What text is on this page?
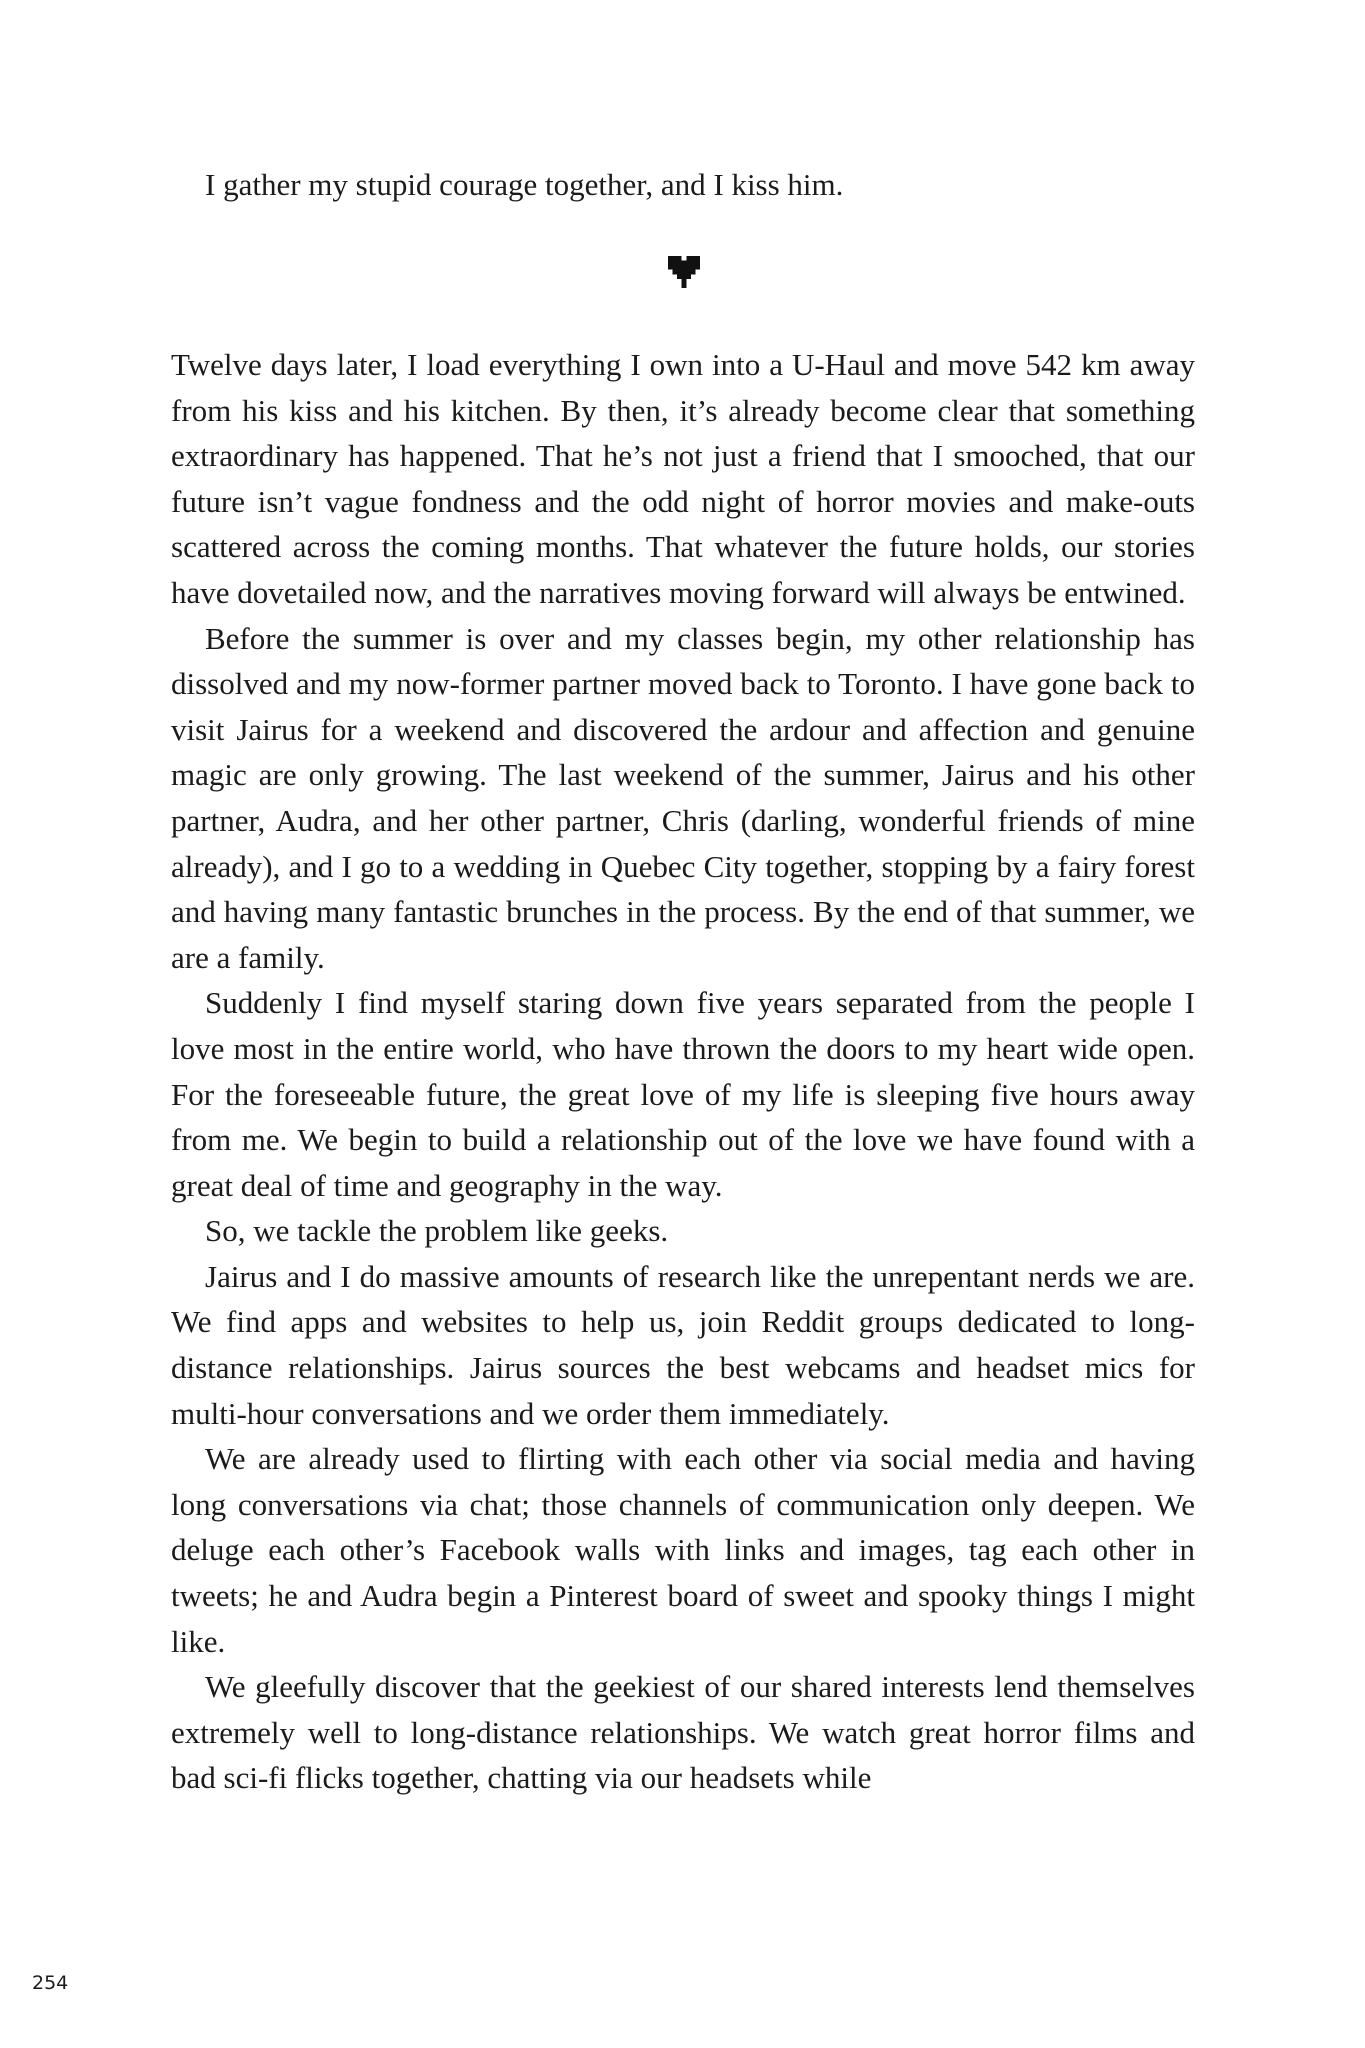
I gather my stupid courage together, and I kiss him.

Twelve days later, I load everything I own into a U-Haul and move 542 km away from his kiss and his kitchen. By then, it’s already become clear that something extraordinary has happened. That he’s not just a friend that I smooched, that our future isn’t vague fondness and the odd night of horror movies and make-outs scattered across the coming months. That whatever the future holds, our stories have dovetailed now, and the narratives moving forward will always be entwined.

Before the summer is over and my classes begin, my other relationship has dissolved and my now-former partner moved back to Toronto. I have gone back to visit Jairus for a weekend and discovered the ardour and affection and genuine magic are only growing. The last weekend of the summer, Jairus and his other partner, Audra, and her other partner, Chris (darling, wonderful friends of mine already), and I go to a wedding in Quebec City together, stopping by a fairy forest and having many fantastic brunches in the process. By the end of that summer, we are a family.

Suddenly I find myself staring down five years separated from the people I love most in the entire world, who have thrown the doors to my heart wide open. For the foreseeable future, the great love of my life is sleeping five hours away from me. We begin to build a relationship out of the love we have found with a great deal of time and geography in the way.

So, we tackle the problem like geeks.

Jairus and I do massive amounts of research like the unrepentant nerds we are. We find apps and websites to help us, join Reddit groups dedicated to long-distance relationships. Jairus sources the best webcams and headset mics for multi-hour conversations and we order them immediately.

We are already used to flirting with each other via social media and having long conversations via chat; those channels of communication only deepen. We deluge each other’s Facebook walls with links and images, tag each other in tweets; he and Audra begin a Pinterest board of sweet and spooky things I might like.

We gleefully discover that the geekiest of our shared interests lend themselves extremely well to long-distance relationships. We watch great horror films and bad sci-fi flicks together, chatting via our headsets while

254
